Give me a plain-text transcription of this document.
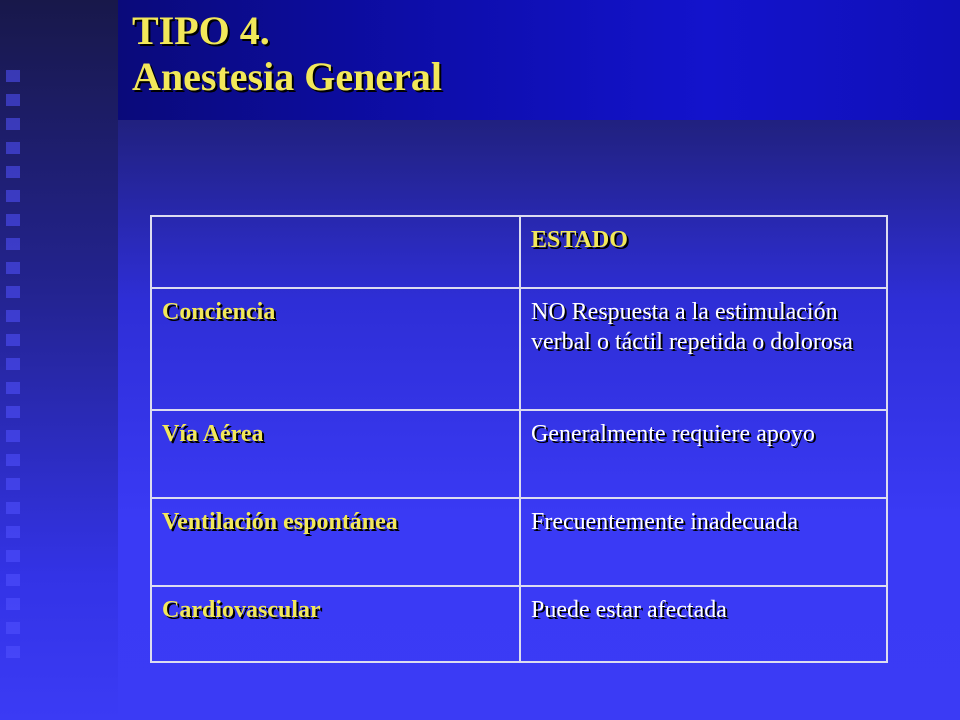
TIPO 4.
Anestesia General
	ESTADO
Conciencia	NO Respuesta a la estimulación verbal o táctil repetida o dolorosa
Vía Aérea	Generalmente requiere apoyo
Ventilación espontánea	Frecuentemente inadecuada
Cardiovascular	Puede estar afectada
